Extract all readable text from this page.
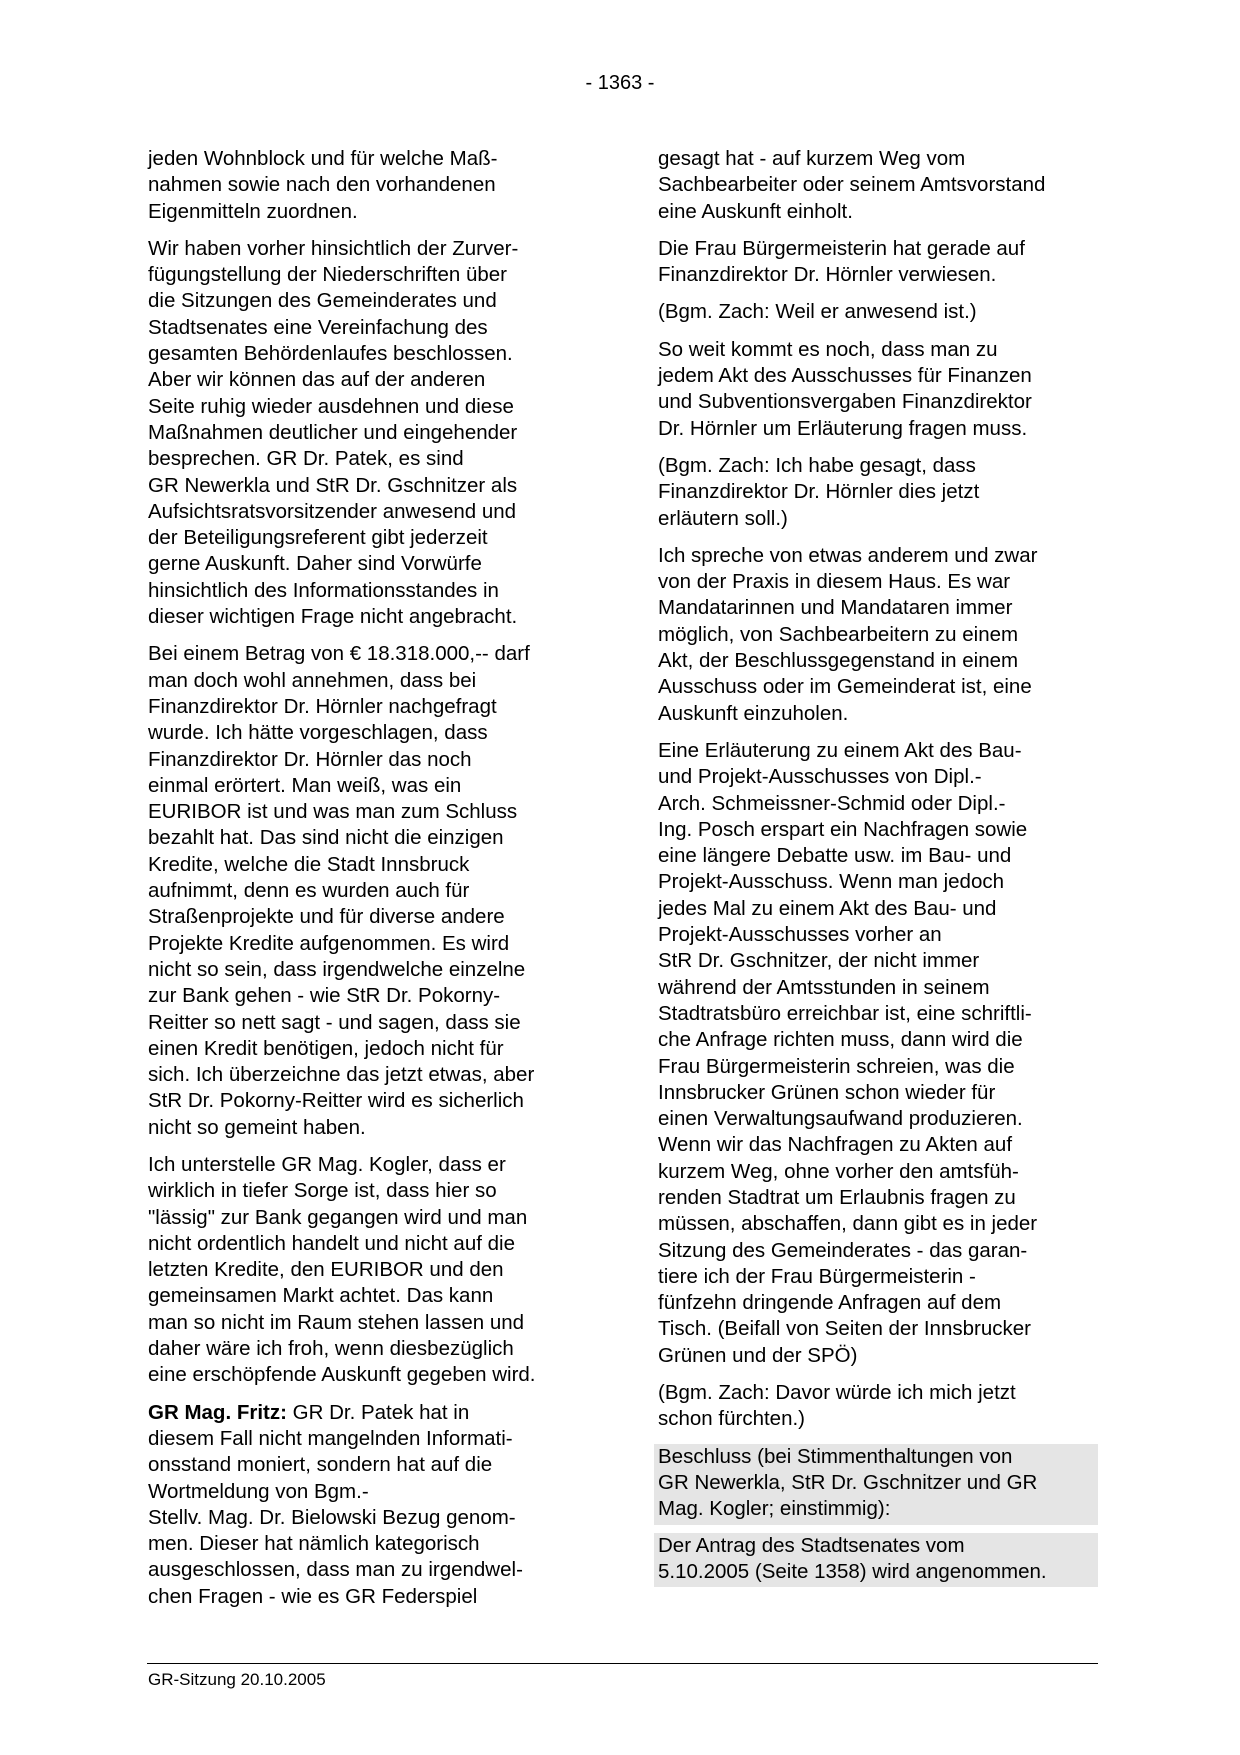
- 1363 -
jeden Wohnblock und für welche Maß-
nahmen sowie nach den vorhandenen
Eigenmitteln zuordnen.
Wir haben vorher hinsichtlich der Zurver-
fügungstellung der Niederschriften über
die Sitzungen des Gemeinderates und
Stadtsenates eine Vereinfachung des
gesamten Behördenlaufes beschlossen.
Aber wir können das auf der anderen
Seite ruhig wieder ausdehnen und diese
Maßnahmen deutlicher und eingehender
besprechen. GR Dr. Patek, es sind
GR Newerkla und StR Dr. Gschnitzer als
Aufsichtsratsvorsitzender anwesend und
der Beteiligungsreferent gibt jederzeit
gerne Auskunft. Daher sind Vorwürfe
hinsichtlich des Informationsstandes in
dieser wichtigen Frage nicht angebracht.
Bei einem Betrag von € 18.318.000,-- darf
man doch wohl annehmen, dass bei
Finanzdirektor Dr. Hörnler nachgefragt
wurde. Ich hätte vorgeschlagen, dass
Finanzdirektor Dr. Hörnler das noch
einmal erörtert. Man weiß, was ein
EURIBOR ist und was man zum Schluss
bezahlt hat. Das sind nicht die einzigen
Kredite, welche die Stadt Innsbruck
aufnimmt, denn es wurden auch für
Straßenprojekte und für diverse andere
Projekte Kredite aufgenommen. Es wird
nicht so sein, dass irgendwelche einzelne
zur Bank gehen - wie StR Dr. Pokorny-
Reitter so nett sagt - und sagen, dass sie
einen Kredit benötigen, jedoch nicht für
sich. Ich überzeichne das jetzt etwas, aber
StR Dr. Pokorny-Reitter wird es sicherlich
nicht so gemeint haben.
Ich unterstelle GR Mag. Kogler, dass er
wirklich in tiefer Sorge ist, dass hier so
"lässig" zur Bank gegangen wird und man
nicht ordentlich handelt und nicht auf die
letzten Kredite, den EURIBOR und den
gemeinsamen Markt achtet. Das kann
man so nicht im Raum stehen lassen und
daher wäre ich froh, wenn diesbezüglich
eine erschöpfende Auskunft gegeben wird.
GR Mag. Fritz: GR Dr. Patek hat in
diesem Fall nicht mangelnden Informati-
onsstand moniert, sondern hat auf die
Wortmeldung von Bgm.-
Stellv. Mag. Dr. Bielowski Bezug genom-
men. Dieser hat nämlich kategorisch
ausgeschlossen, dass man zu irgendwel-
chen Fragen - wie es GR Federspiel
gesagt hat - auf kurzem Weg vom
Sachbearbeiter oder seinem Amtsvorstand
eine Auskunft einholt.
Die Frau Bürgermeisterin hat gerade auf
Finanzdirektor Dr. Hörnler verwiesen.
(Bgm. Zach: Weil er anwesend ist.)
So weit kommt es noch, dass man zu
jedem Akt des Ausschusses für Finanzen
und Subventionsvergaben Finanzdirektor
Dr. Hörnler um Erläuterung fragen muss.
(Bgm. Zach: Ich habe gesagt, dass
Finanzdirektor Dr. Hörnler dies jetzt
erläutern soll.)
Ich spreche von etwas anderem und zwar
von der Praxis in diesem Haus. Es war
Mandatarinnen und Mandataren immer
möglich, von Sachbearbeitern zu einem
Akt, der Beschlussgegenstand in einem
Ausschuss oder im Gemeinderat ist, eine
Auskunft einzuholen.
Eine Erläuterung zu einem Akt des Bau-
und Projekt-Ausschusses von Dipl.-
Arch. Schmeissner-Schmid oder Dipl.-
Ing. Posch erspart ein Nachfragen sowie
eine längere Debatte usw. im Bau- und
Projekt-Ausschuss. Wenn man jedoch
jedes Mal zu einem Akt des Bau- und
Projekt-Ausschusses vorher an
StR Dr. Gschnitzer, der nicht immer
während der Amtsstunden in seinem
Stadtratsbüro erreichbar ist, eine schriftli-
che Anfrage richten muss, dann wird die
Frau Bürgermeisterin schreien, was die
Innsbrucker Grünen schon wieder für
einen Verwaltungsaufwand produzieren.
Wenn wir das Nachfragen zu Akten auf
kurzem Weg, ohne vorher den amtsfüh-
renden Stadtrat um Erlaubnis fragen zu
müssen, abschaffen, dann gibt es in jeder
Sitzung des Gemeinderates - das garan-
tiere ich der Frau Bürgermeisterin -
fünfzehn dringende Anfragen auf dem
Tisch. (Beifall von Seiten der Innsbrucker
Grünen und der SPÖ)
(Bgm. Zach: Davor würde ich mich jetzt
schon fürchten.)
Beschluss (bei Stimmenthaltungen von
GR Newerkla, StR Dr. Gschnitzer und GR
Mag. Kogler; einstimmig):
Der Antrag des Stadtsenates vom
5.10.2005 (Seite 1358) wird angenommen.
GR-Sitzung 20.10.2005
